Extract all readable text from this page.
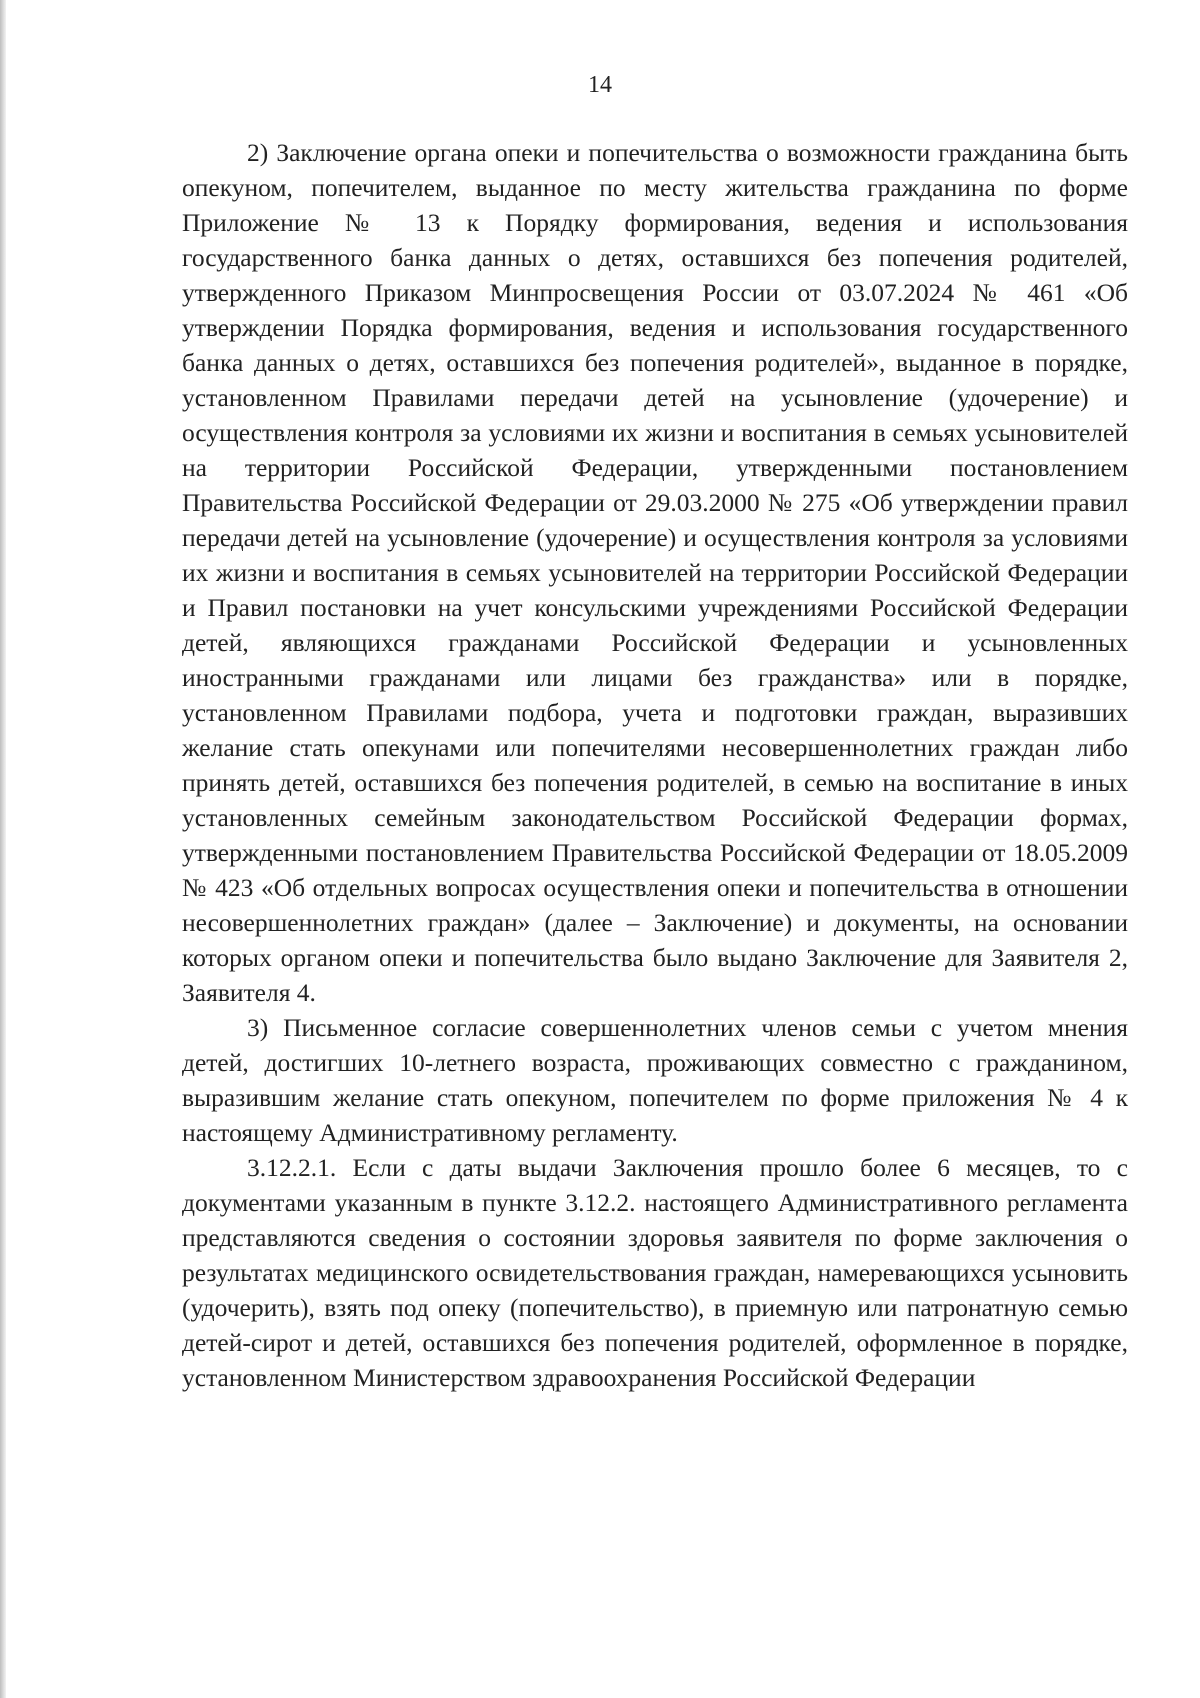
14

2) Заключение органа опеки и попечительства о возможности гражданина быть опекуном, попечителем, выданное по месту жительства гражданина по форме Приложение № 13 к Порядку формирования, ведения и использования государственного банка данных о детях, оставшихся без попечения родителей, утвержденного Приказом Минпросвещения России от 03.07.2024 № 461 «Об утверждении Порядка формирования, ведения и использования государственного банка данных о детях, оставшихся без попечения родителей», выданное в порядке, установленном Правилами передачи детей на усыновление (удочерение) и осуществления контроля за условиями их жизни и воспитания в семьях усыновителей на территории Российской Федерации, утвержденными постановлением Правительства Российской Федерации от 29.03.2000 № 275 «Об утверждении правил передачи детей на усыновление (удочерение) и осуществления контроля за условиями их жизни и воспитания в семьях усыновителей на территории Российской Федерации и Правил постановки на учет консульскими учреждениями Российской Федерации детей, являющихся гражданами Российской Федерации и усыновленных иностранными гражданами или лицами без гражданства» или в порядке, установленном Правилами подбора, учета и подготовки граждан, выразивших желание стать опекунами или попечителями несовершеннолетних граждан либо принять детей, оставшихся без попечения родителей, в семью на воспитание в иных установленных семейным законодательством Российской Федерации формах, утвержденными постановлением Правительства Российской Федерации от 18.05.2009 № 423 «Об отдельных вопросах осуществления опеки и попечительства в отношении несовершеннолетних граждан» (далее – Заключение) и документы, на основании которых органом опеки и попечительства было выдано Заключение для Заявителя 2, Заявителя 4.

3) Письменное согласие совершеннолетних членов семьи с учетом мнения детей, достигших 10-летнего возраста, проживающих совместно с гражданином, выразившим желание стать опекуном, попечителем по форме приложения № 4 к настоящему Административному регламенту.

3.12.2.1. Если с даты выдачи Заключения прошло более 6 месяцев, то с документами указанным в пункте 3.12.2. настоящего Административного регламента представляются сведения о состоянии здоровья заявителя по форме заключения о результатах медицинского освидетельствования граждан, намеревающихся усыновить (удочерить), взять под опеку (попечительство), в приемную или патронатную семью детей-сирот и детей, оставшихся без попечения родителей, оформленное в порядке, установленном Министерством здравоохранения Российской Федерации
